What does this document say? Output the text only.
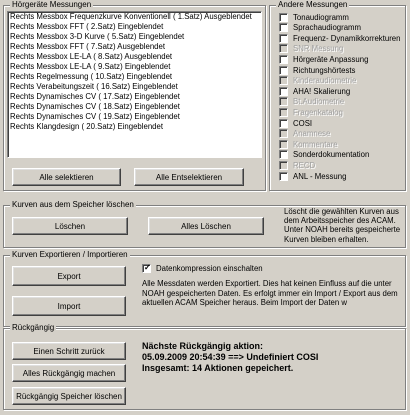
Hörgeräte Messungen
Rechts Messbox Frequenzkurve Konventionell ( 1.Satz) Ausgeblendet
Rechts Messbox FFT ( 2.Satz) Eingeblendet
Rechts Messbox 3-D Kurve ( 5.Satz) Eingeblendet
Rechts Messbox FFT ( 7.Satz) Ausgeblendet
Rechts Messbox LE-LA ( 8.Satz) Ausgeblendet
Rechts Messbox LE-LA ( 9.Satz) Eingeblendet
Rechts Regelmessung ( 10.Satz) Eingeblendet
Rechts Verabeitungszeit ( 16.Satz) Eingeblendet
Rechts Dynamisches CV ( 17.Satz) Eingeblendet
Rechts Dynamisches CV ( 18.Satz) Eingeblendet
Rechts Dynamisches CV ( 19.Satz) Eingeblendet
Rechts Klangdesign ( 20.Satz) Eingeblendet
Alle selektieren	Alle Entselektieren
Andere Messungen
Tonaudiogramm
Sprachaudiogramm
Frequenz- Dynamikkorrekturen
SNR Messung
Hörgeräte Anpassung
Richtungshörtests
Kinderaudiometrie
AHA! Skalierung
Bt.Audiometrie
Fragenkatalog
COSI
Anamnese
Kommentare
Sonderdokumentation
RECD
ANL - Messung
Kurven aus dem Speicher löschen
Löschen	Alles Löschen
Löscht die gewählten Kurven aus dem Arbeitsspeicher des ACAM. Unter NOAH bereits gespeicherte Kurven bleiben erhalten.
Kurven Exportieren / Importieren
Export
Import
✓ Datenkompression einschalten
Alle Messdaten werden Exportiert. Dies hat keinen Einfluss auf die unter NOAH gespeicherten Daten. Es erfolgt immer ein Import / Export aus dem aktuellen ACAM Speicher heraus. Beim Import der Daten w
Rückgängig
Einen Schritt zurück
Alles Rückgängig machen
Rückgängig Speicher löschen
Nächste Rückgängig aktion:
05.09.2009 20:54:39 ==> Undefiniert COSI
Insgesamt: 14 Aktionen gepeichert.
